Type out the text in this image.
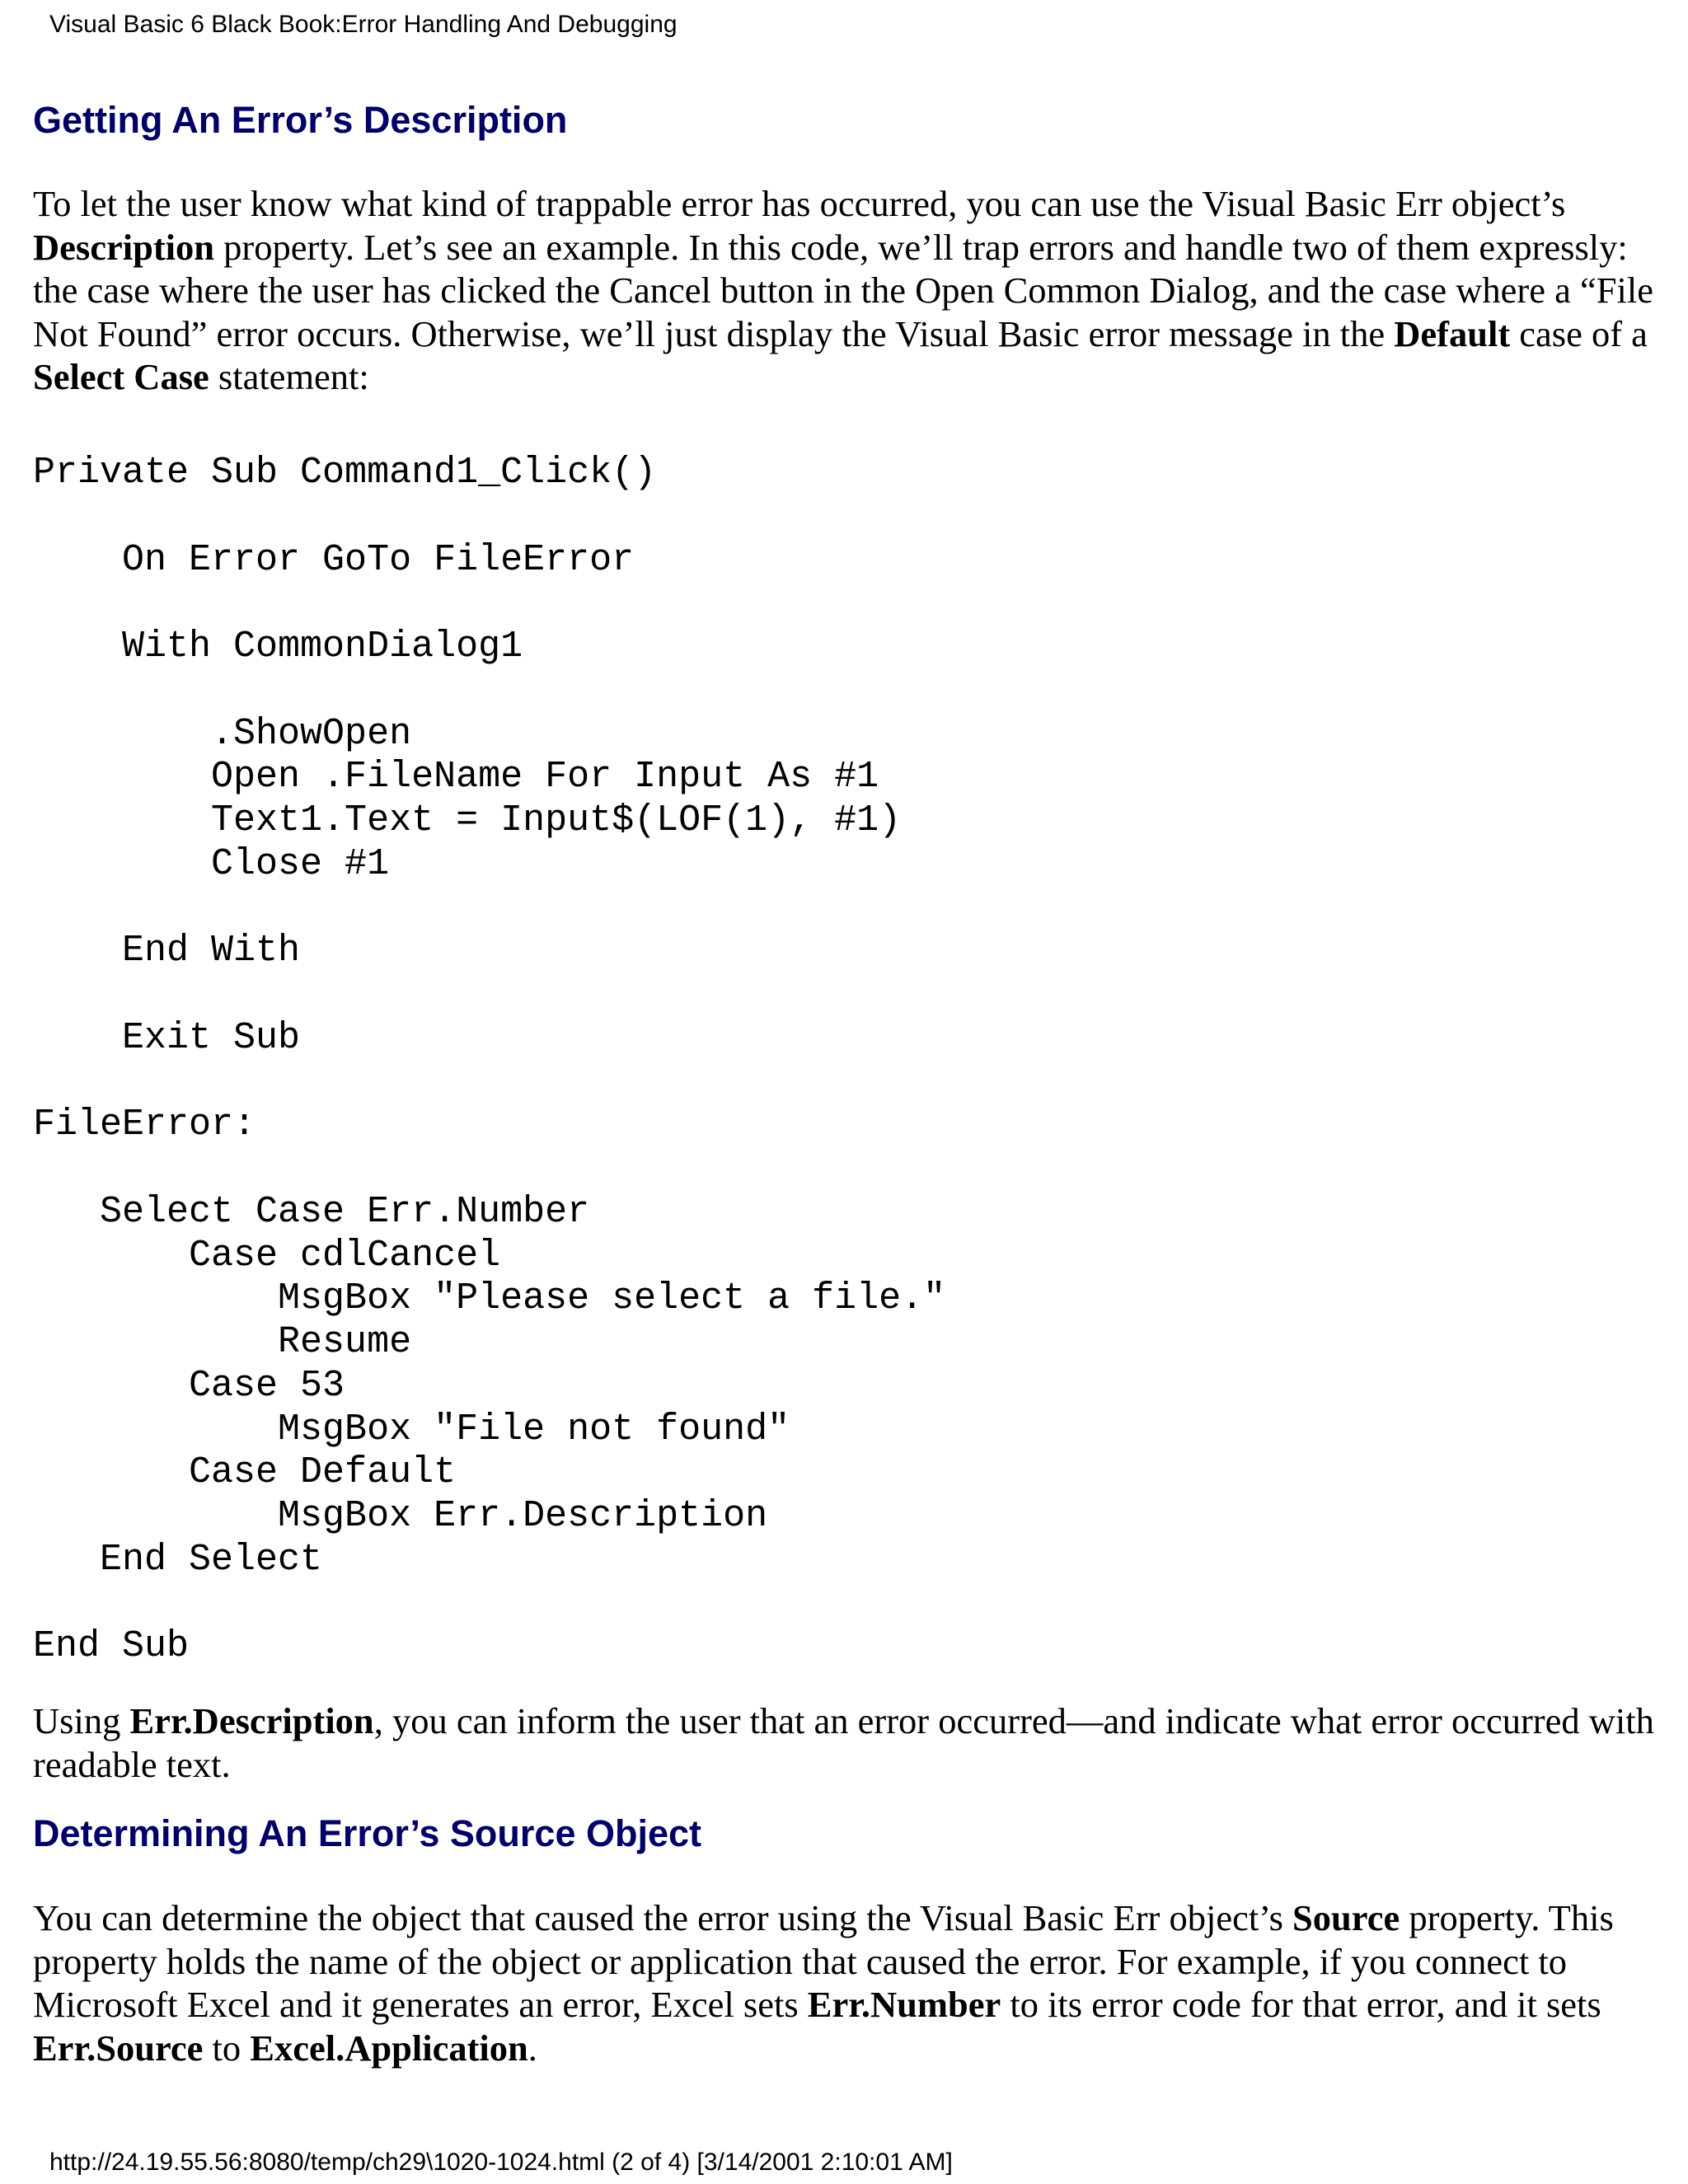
Visual Basic 6 Black Book:Error Handling And Debugging
Getting An Error’s Description

To let the user know what kind of trappable error has occurred, you can use the Visual Basic Err object’s Description property. Let’s see an example. In this code, we’ll trap errors and handle two of them expressly: the case where the user has clicked the Cancel button in the Open Common Dialog, and the case where a “File Not Found” error occurs. Otherwise, we’ll just display the Visual Basic error message in the Default case of a Select Case statement:

Private Sub Command1_Click()
On Error GoTo FileError
With CommonDialog1
.ShowOpen
Open .FileName For Input As #1
Text1.Text = Input$(LOF(1), #1)
Close #1
End With
Exit Sub
FileError:
Select Case Err.Number
Case cdlCancel
MsgBox "Please select a file."
Resume
Case 53
MsgBox "File not found"
Case Default
MsgBox Err.Description
End Select
End Sub

Using Err.Description, you can inform the user that an error occurred—and indicate what error occurred with readable text.

Determining An Error’s Source Object

You can determine the object that caused the error using the Visual Basic Err object’s Source property. This property holds the name of the object or application that caused the error. For example, if you connect to Microsoft Excel and it generates an error, Excel sets Err.Number to its error code for that error, and it sets Err.Source to Excel.Application.

http://24.19.55.56:8080/temp/ch29\1020-1024.html (2 of 4) [3/14/2001 2:10:01 AM]
